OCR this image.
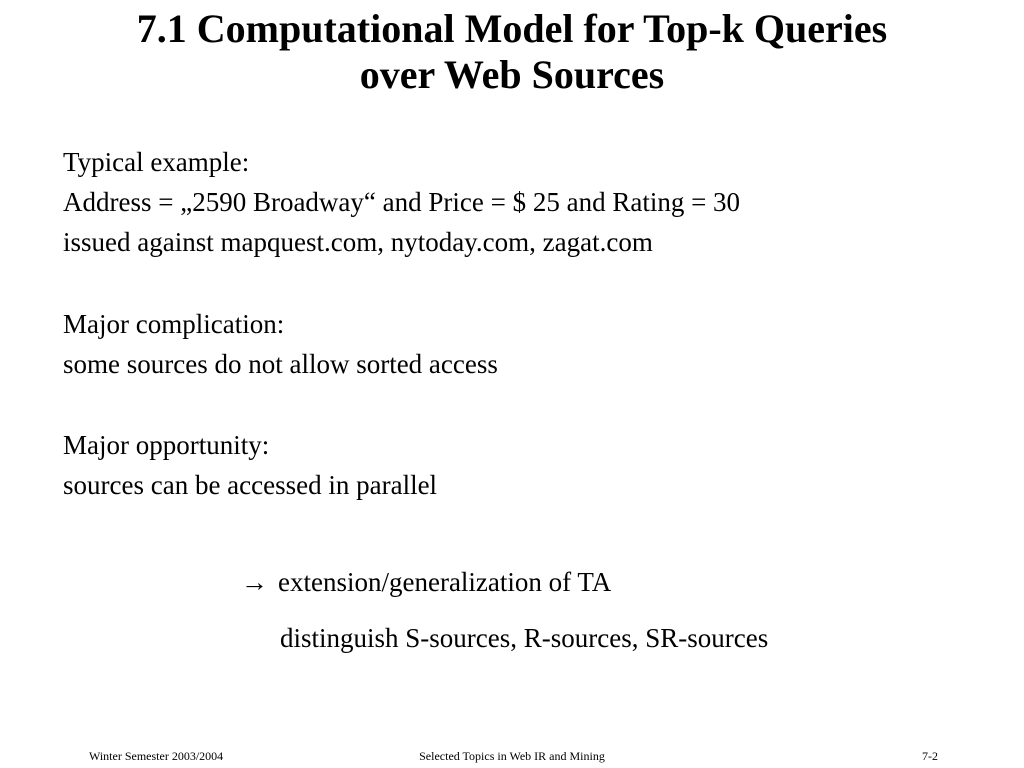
7.1 Computational Model for Top-k Queries
over Web Sources
Typical example:
Address = „2590 Broadway“ and Price = $ 25 and Rating = 30
issued against mapquest.com, nytoday.com, zagat.com
Major complication:
some sources do not allow sorted access
Major opportunity:
sources can be accessed in parallel
→ extension/generalization of TA
distinguish S-sources, R-sources, SR-sources
Selected Topics in Web IR and Mining
Winter Semester 2003/2004	7-2
